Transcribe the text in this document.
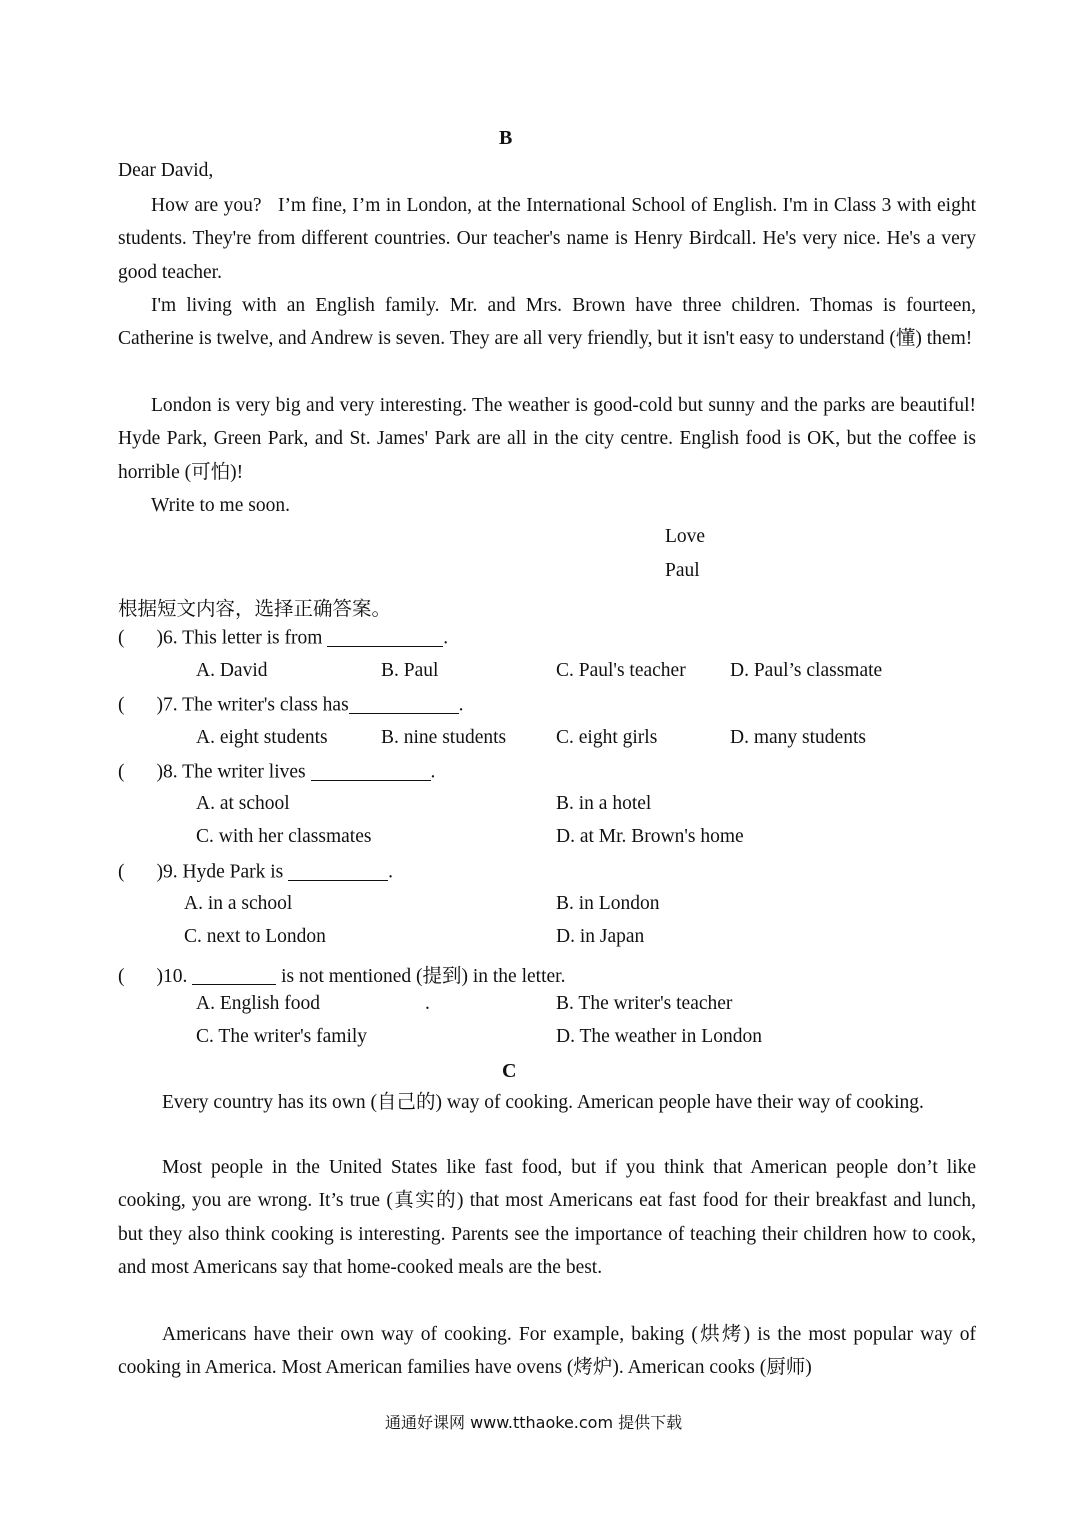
B
Dear David,

How are you?   I’m fine, I’m in London, at the International School of English. I'm in Class 3 with eight students. They're from different countries. Our teacher's name is Henry Birdcall. He's very nice. He's a very good teacher.

I'm living with an English family. Mr. and Mrs. Brown have three children. Thomas is fourteen, Catherine is twelve, and Andrew is seven. They are all very friendly, but it isn't easy to understand (懂) them!

London is very big and very interesting. The weather is good-cold but sunny and the parks are beautiful! Hyde Park, Green Park, and St. James' Park are all in the city centre. English food is OK, but the coffee is horrible (可怕)!

Write to me soon.

Love
Paul
根据短文内容，选择正确答案。
( )6. This letter is from	.
A. David	B. Paul	C. Paul's teacher D. Paul’s classmate
( )7. The writer's class has	.
A. eight students	B. nine students	C. eight girls	D. many students
( )8. The writer lives	.
A. at school	B. in a hotel
C. with her classmates	D. at Mr. Brown's home
( )9. Hyde Park is	.
A. in a school	B. in London
C. next to London	D. in Japan
( )10.	is not mentioned (提到) in the letter.
A. English food	.	B. The writer's teacher
C. The writer's family	D. The weather in London
C

Every country has its own (自己的) way of cooking. American people have their way of cooking.

Most people in the United States like fast food, but if you think that American people don’t like cooking, you are wrong. It’s true (真实的) that most Americans eat fast food for their breakfast and lunch, but they also think cooking is interesting. Parents see the importance of teaching their children how to cook, and most Americans say that home-cooked meals are the best.

Americans have their own way of cooking. For example, baking (烘烤) is the most popular way of cooking in America. Most American families have ovens (烤炉). American cooks (厨师)

通通好课网 www.tthaoke.com 提供下载
